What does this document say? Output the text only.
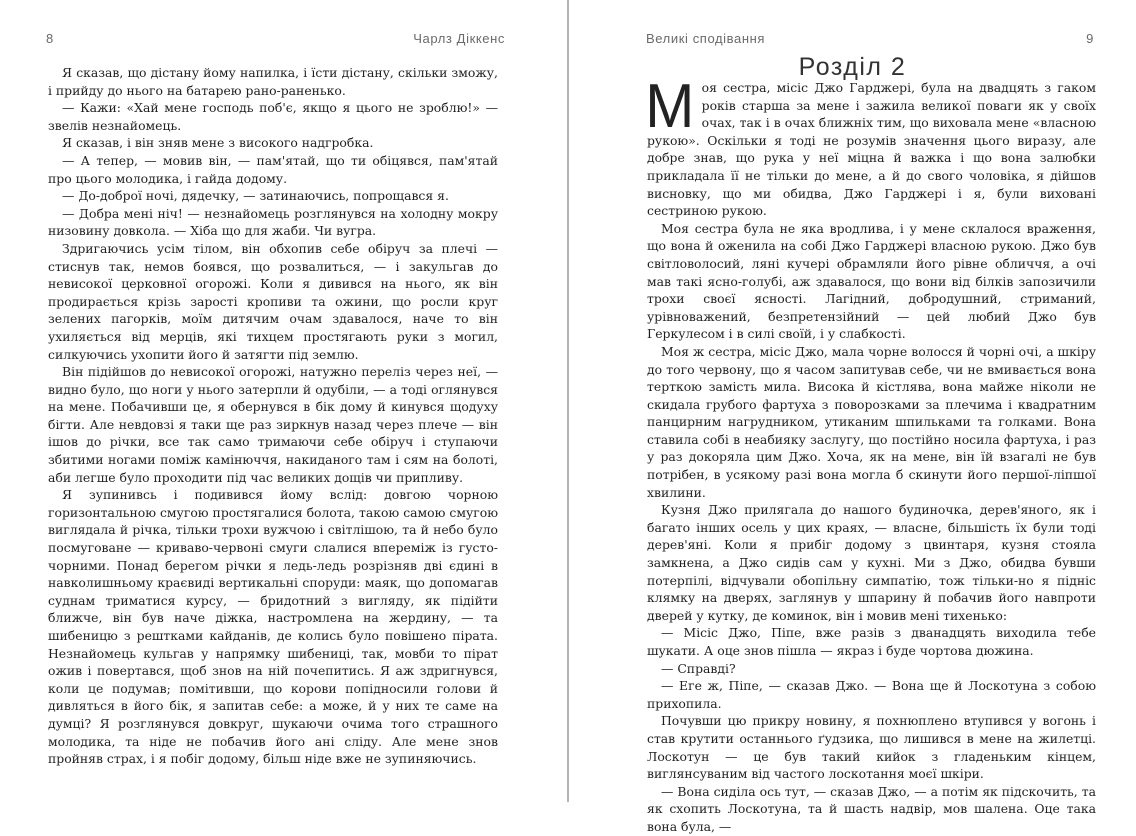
8	Чарлз Діккенс

Я сказав, що дістану йому напилка, і їсти дістану, скільки зможу, і прийду до нього на батарею рано-раненько.

— Кажи: «Хай мене господь поб'є, якщо я цього не зроблю!» — звелів незнайомець.

Я сказав, і він зняв мене з високого надгробка.

— А тепер, — мовив він, — пам'ятай, що ти обіцявся, пам'ятай про цього молодика, і гайда додому.

— До-доброї ночі, дядечку, — затинаючись, попрощався я.

— Добра мені ніч! — незнайомець розглянувся на холодну мокру низовину довкола. — Хіба що для жаби. Чи вугра.

Здригаючись усім тілом, він обхопив себе обіруч за плечі — стиснув так, немов боявся, що розвалиться, — і закульгав до невисокої церковної огорожі. Коли я дивився на нього, як він продирається крізь зарості кропиви та ожини, що росли круг зелених пагорків, моїм дитячим очам здавалося, наче то він ухиляється від мерців, які тихцем простягають руки з могил, силкуючись ухопити його й затягти під землю.

Він підійшов до невисокої огорожі, натужно переліз через неї, — видно було, що ноги у нього затерпли й одубіли, — а тоді оглянувся на мене. Побачивши це, я обернувся в бік дому й кинувся щодуху бігти. Але невдовзі я таки ще раз зиркнув назад через плече — він ішов до річки, все так само тримаючи себе обіруч і ступаючи збитими ногами поміж камінюччя, накиданого там і сям на болоті, аби легше було проходити під час великих дощів чи припливу.

Я зупинивсь і подивився йому вслід: довгою чорною горизонтальною смугою простягалися болота, такою самою смугою виглядала й річка, тільки трохи вужчою і світлішою, та й небо було посмуговане — криваво-червоні смуги слалися впереміж із густо-чорними. Понад берегом річки я ледь-ледь розрізняв дві єдині в навколишньому краєвиді вертикальні споруди: маяк, що допомагав суднам триматися курсу, — бридотний з вигляду, як підійти ближче, він був наче діжка, настромлена на жердину, — та шибеницю з рештками кайданів, де колись було повішено пірата. Незнайомець кульгав у напрямку шибениці, так, мовби то пірат ожив і повертався, щоб знов на ній почепитись. Я аж здригнувся, коли це подумав; помітивши, що корови попідносили голови й дивляться в його бік, я запитав себе: а може, й у них те саме на думці? Я розглянувся довкруг, шукаючи очима того страшного молодика, та ніде не побачив його ані сліду. Але мене знов пройняв страх, і я побіг додому, більш ніде вже не зупиняючись.

Великі сподівання	9
Розділ 2

Моя сестра, місіс Джо Гарджері, була на двадцять з гаком років старша за мене і зажила великої поваги як у своїх очах, так і в очах ближніх тим, що виховала мене «власною рукою». Оскільки я тоді не розумів значення цього виразу, але добре знав, що рука у неї міцна й важка і що вона залюбки прикладала її не тільки до мене, а й до свого чоловіка, я дійшов висновку, що ми обидва, Джо Гарджері і я, були виховані сестриною рукою.

Моя сестра була не яка вродлива, і у мене склалося враження, що вона й оженила на собі Джо Гарджері власною рукою. Джо був світловолосий, ляні кучері обрамляли його рівне обличчя, а очі мав такі ясно-голубі, аж здавалося, що вони від білків запозичили трохи своєї ясності. Лагідний, добродушний, стриманий, урівноважений, безпретензійний — цей любий Джо був Геркулесом і в силі своїй, і у слабкості.

Моя ж сестра, місіс Джо, мала чорне волосся й чорні очі, а шкіру до того червону, що я часом запитував себе, чи не вмивається вона терткою замість мила. Висока й кістлява, вона майже ніколи не скидала грубого фартуха з поворозками за плечима і квадратним панцирним нагрудником, утиканим шпильками та голками. Вона ставила собі в неабияку заслугу, що постійно носила фартуха, і раз у раз докоряла цим Джо. Хоча, як на мене, він їй взагалі не був потрібен, в усякому разі вона могла б скинути його першої-ліпшої хвилини.

Кузня Джо прилягала до нашого будиночка, дерев'яного, як і багато інших осель у цих краях, — власне, більшість їх були тоді дерев'яні. Коли я прибіг додому з цвинтаря, кузня стояла замкнена, а Джо сидів сам у кухні. Ми з Джо, обидва бувши потерпілі, відчували обопільну симпатію, тож тільки-но я підніс клямку на дверях, заглянув у шпарину й побачив його навпроти дверей у кутку, де коминок, він і мовив мені тихенько:

— Місіс Джо, Піпе, вже разів з дванадцять виходила тебе шукати. А оце знов пішла — якраз і буде чортова дюжина.

— Справді?

— Еге ж, Піпе, — сказав Джо. — Вона ще й Лоскотуна з собою прихопила.

Почувши цю прикру новину, я похнюплено втупився у вогонь і став крутити останнього ґудзика, що лишився в мене на жилетці. Лоскотун — це був такий кийок з гладеньким кінцем, виглянсуваним від частого лоскотання моєї шкіри.

— Вона сиділа ось тут, — сказав Джо, — а потім як підскочить, та як схопить Лоскотуна, та й шасть надвір, мов шалена. Оце така вона була, —
